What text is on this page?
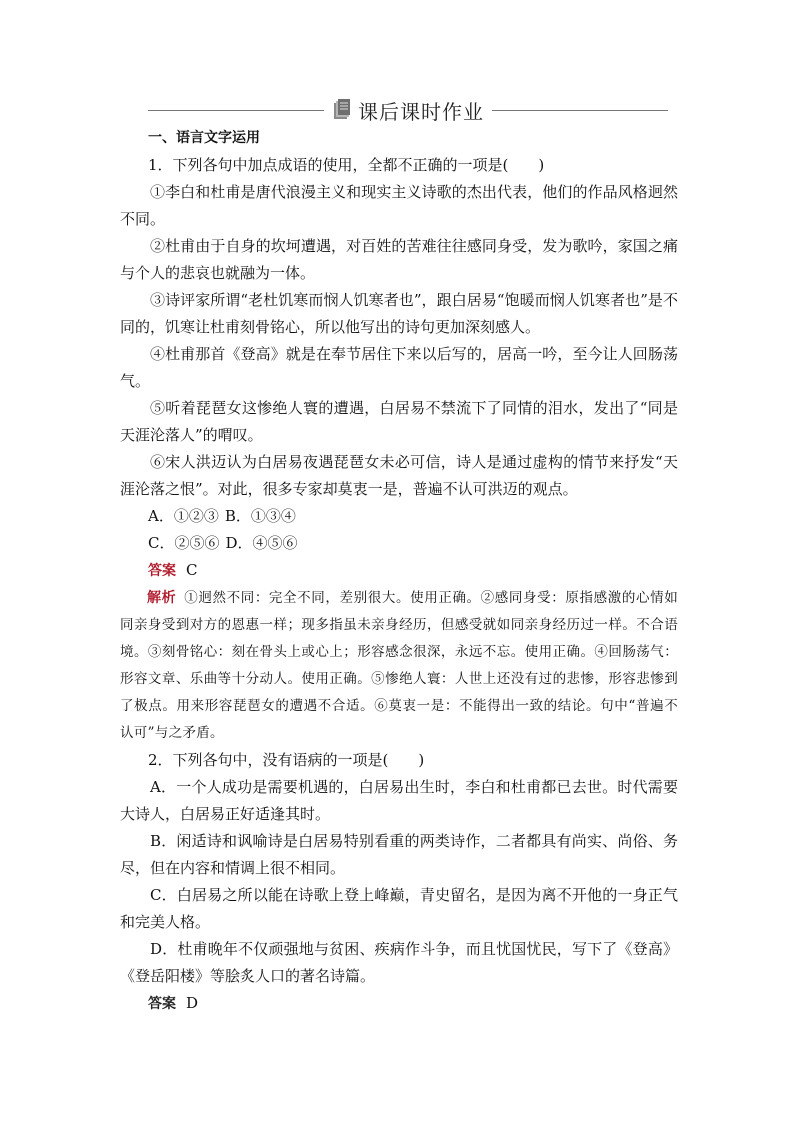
课后课时作业

一、语言文字运用

1．下列各句中加点成语的使用，全都不正确的一项是(　　)

①李白和杜甫是唐代浪漫主义和现实主义诗歌的杰出代表，他们的作品风格迥然不同。

②杜甫由于自身的坎坷遭遇，对百姓的苦难往往感同身受，发为歌吟，家国之痛与个人的悲哀也就融为一体。

③诗评家所谓“老杜饥寒而悯人饥寒者也”，跟白居易“饱暖而悯人饥寒者也”是不同的，饥寒让杜甫刻骨铭心，所以他写出的诗句更加深刻感人。

④杜甫那首《登高》就是在奉节居住下来以后写的，居高一吟，至今让人回肠荡气。

⑤听着琵琶女这惨绝人寰的遭遇，白居易不禁流下了同情的泪水，发出了“同是天涯沦落人”的喟叹。

⑥宋人洪迈认为白居易夜遇琵琶女未必可信，诗人是通过虚构的情节来抒发“天涯沦落之恨”。对此，很多专家却莫衷一是，普遍不认可洪迈的观点。

A．①②③ B．①③④
C．②⑤⑥ D．④⑤⑥

答案 C

解析 ①迥然不同：完全不同，差别很大。使用正确。②感同身受：原指感激的心情如同亲身受到对方的恩惠一样；现多指虽未亲身经历，但感受就如同亲身经历过一样。不合语境。③刻骨铭心：刻在骨头上或心上；形容感念很深，永远不忘。使用正确。④回肠荡气：形容文章、乐曲等十分动人。使用正确。⑤惨绝人寰：人世上还没有过的悲惨，形容悲惨到了极点。用来形容琵琶女的遭遇不合适。⑥莫衷一是：不能得出一致的结论。句中“普遍不认可”与之矛盾。

2．下列各句中，没有语病的一项是(　　)

A．一个人成功是需要机遇的，白居易出生时，李白和杜甫都已去世。时代需要大诗人，白居易正好适逢其时。

B．闲适诗和讽喻诗是白居易特别看重的两类诗作，二者都具有尚实、尚俗、务尽，但在内容和情调上很不相同。

C．白居易之所以能在诗歌上登上峰巅，青史留名，是因为离不开他的一身正气和完美人格。

D．杜甫晚年不仅顽强地与贫困、疾病作斗争，而且忧国忧民，写下了《登高》《登岳阳楼》等脍炙人口的著名诗篇。

答案 D
